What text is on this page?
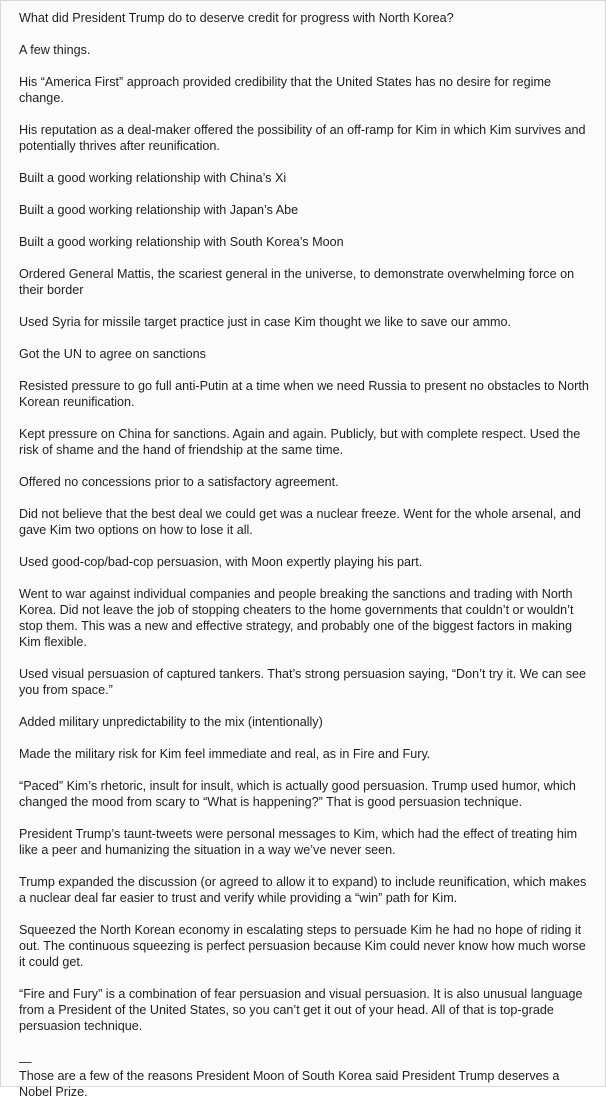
What did President Trump do to deserve credit for progress with North Korea?

A few things.

His “America First” approach provided credibility that the United States has no desire for regime change.

His reputation as a deal-maker offered the possibility of an off-ramp for Kim in which Kim survives and potentially thrives after reunification.

Built a good working relationship with China’s Xi

Built a good working relationship with Japan’s Abe

Built a good working relationship with South Korea’s Moon

Ordered General Mattis, the scariest general in the universe, to demonstrate overwhelming force on their border

Used Syria for missile target practice just in case Kim thought we like to save our ammo.

Got the UN to agree on sanctions

Resisted pressure to go full anti-Putin at a time when we need Russia to present no obstacles to North Korean reunification.

Kept pressure on China for sanctions. Again and again. Publicly, but with complete respect. Used the risk of shame and the hand of friendship at the same time.

Offered no concessions prior to a satisfactory agreement.

Did not believe that the best deal we could get was a nuclear freeze. Went for the whole arsenal, and gave Kim two options on how to lose it all.

Used good-cop/bad-cop persuasion, with Moon expertly playing his part.

Went to war against individual companies and people breaking the sanctions and trading with North Korea. Did not leave the job of stopping cheaters to the home governments that couldn’t or wouldn’t stop them. This was a new and effective strategy, and probably one of the biggest factors in making Kim flexible.

Used visual persuasion of captured tankers. That’s strong persuasion saying, “Don’t try it. We can see you from space.”

Added military unpredictability to the mix (intentionally)

Made the military risk for Kim feel immediate and real, as in Fire and Fury.

“Paced” Kim’s rhetoric, insult for insult, which is actually good persuasion. Trump used humor, which changed the mood from scary to “What is happening?” That is good persuasion technique.

President Trump’s taunt-tweets were personal messages to Kim, which had the effect of treating him like a peer and humanizing the situation in a way we’ve never seen.

Trump expanded the discussion (or agreed to allow it to expand) to include reunification, which makes a nuclear deal far easier to trust and verify while providing a “win” path for Kim.

Squeezed the North Korean economy in escalating steps to persuade Kim he had no hope of riding it out. The continuous squeezing is perfect persuasion because Kim could never know how much worse it could get.

“Fire and Fury” is a combination of fear persuasion and visual persuasion. It is also unusual language from a President of the United States, so you can’t get it out of your head. All of that is top-grade persuasion technique.

—

Those are a few of the reasons President Moon of South Korea said President Trump deserves a Nobel Prize.
